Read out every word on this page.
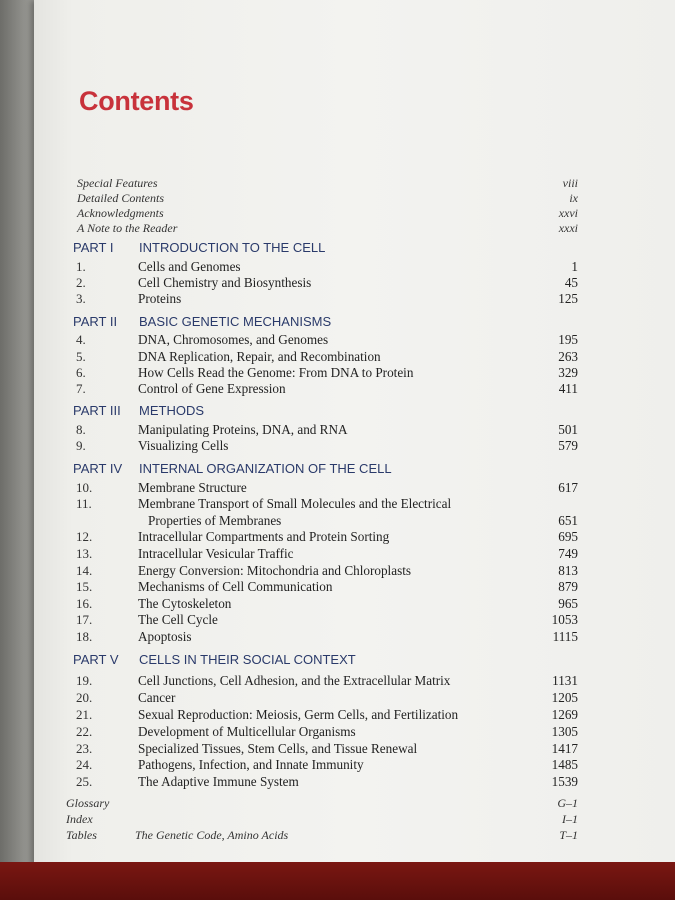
Contents
Special Features	viii
Detailed Contents	ix
Acknowledgments	xxvi
A Note to the Reader	xxxi
PART I INTRODUCTION TO THE CELL
1.	Cells and Genomes	1
2.	Cell Chemistry and Biosynthesis	45
3.	Proteins	125
PART II BASIC GENETIC MECHANISMS
4.	DNA, Chromosomes, and Genomes	195
5.	DNA Replication, Repair, and Recombination	263
6.	How Cells Read the Genome: From DNA to Protein	329
7.	Control of Gene Expression	411
PART III METHODS
8.	Manipulating Proteins, DNA, and RNA	501
9.	Visualizing Cells	579
PART IV INTERNAL ORGANIZATION OF THE CELL
10.	Membrane Structure	617
11.	Membrane Transport of Small Molecules and the Electrical
Properties of Membranes	651
12.	Intracellular Compartments and Protein Sorting	695
13.	Intracellular Vesicular Traffic	749
14.	Energy Conversion: Mitochondria and Chloroplasts	813
15.	Mechanisms of Cell Communication	879
16.	The Cytoskeleton	965
17.	The Cell Cycle	1053
18.	Apoptosis	1115
PART V CELLS IN THEIR SOCIAL CONTEXT
19.	Cell Junctions, Cell Adhesion, and the Extracellular Matrix	1131
20.	Cancer	1205
21.	Sexual Reproduction: Meiosis, Germ Cells, and Fertilization	1269
22.	Development of Multicellular Organisms	1305
23.	Specialized Tissues, Stem Cells, and Tissue Renewal	1417
24.	Pathogens, Infection, and Innate Immunity	1485
25.	The Adaptive Immune System	1539
Glossary	G–1
Index	I–1
Tables	The Genetic Code, Amino Acids	T–1
